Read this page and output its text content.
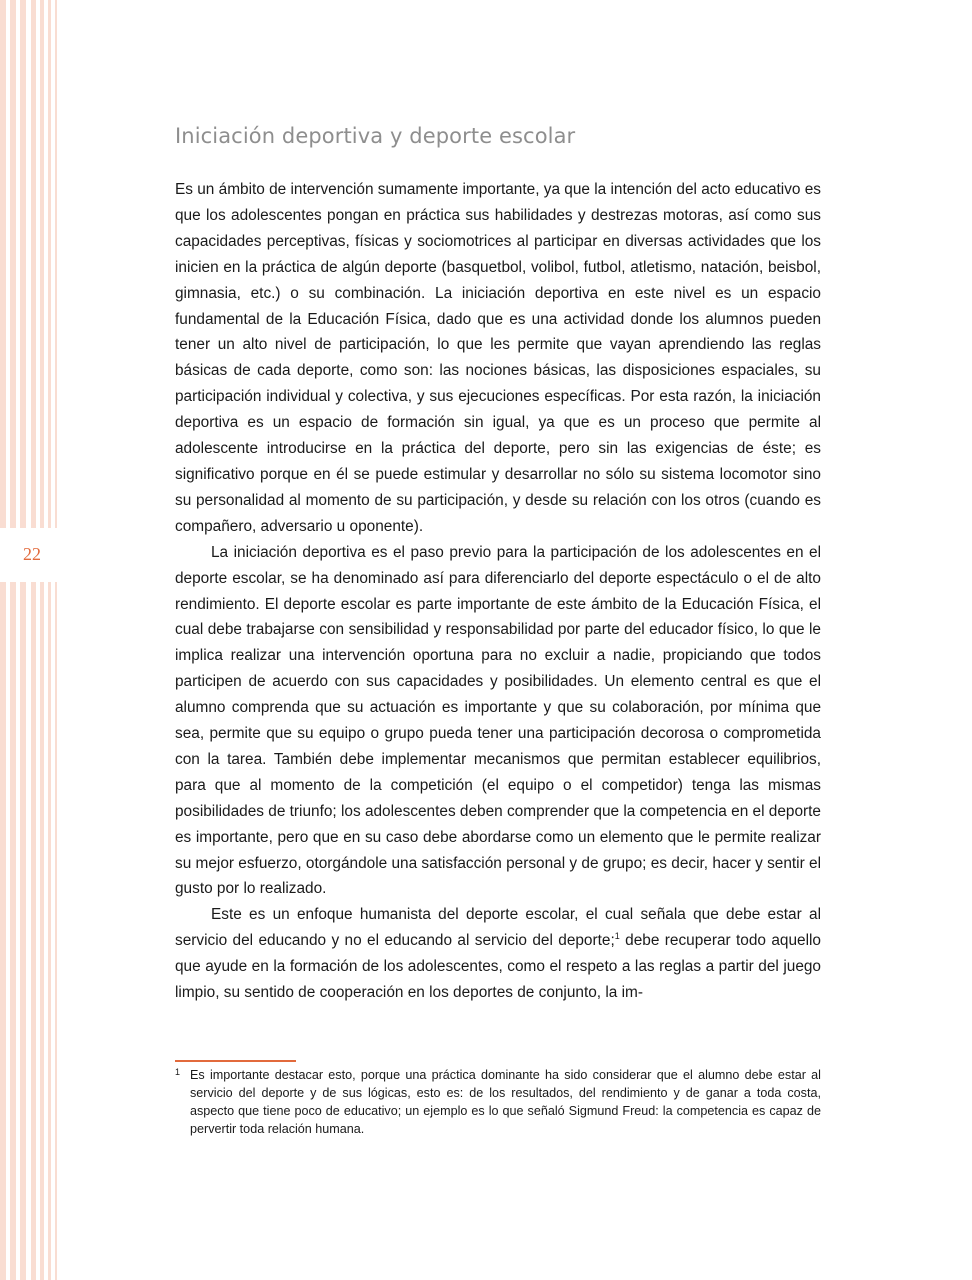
22
Iniciación deportiva y deporte escolar

Es un ámbito de intervención sumamente importante, ya que la intención del acto educativo es que los adolescentes pongan en práctica sus habilidades y destrezas motoras, así como sus capacidades perceptivas, físicas y sociomotrices al participar en diversas actividades que los inicien en la práctica de algún deporte (basquetbol, volibol, futbol, atletismo, natación, beisbol, gimnasia, etc.) o su combinación. La iniciación deportiva en este nivel es un espacio fundamental de la Educación Física, dado que es una actividad donde los alumnos pueden tener un alto nivel de participación, lo que les permite que vayan aprendiendo las reglas básicas de cada deporte, como son: las nociones básicas, las disposiciones espaciales, su participación individual y colectiva, y sus ejecuciones específicas. Por esta razón, la iniciación deportiva es un espacio de formación sin igual, ya que es un proceso que permite al adolescente introducirse en la práctica del deporte, pero sin las exigencias de éste; es significativo porque en él se puede estimular y desarrollar no sólo su sistema locomotor sino su personalidad al momento de su participación, y desde su relación con los otros (cuando es compañero, adversario u oponente).

La iniciación deportiva es el paso previo para la participación de los adolescentes en el deporte escolar, se ha denominado así para diferenciarlo del deporte espectáculo o el de alto rendimiento. El deporte escolar es parte importante de este ámbito de la Educación Física, el cual debe trabajarse con sensibilidad y responsabilidad por parte del educador físico, lo que le implica realizar una intervención oportuna para no excluir a nadie, propiciando que todos participen de acuerdo con sus capacidades y posibilidades. Un elemento central es que el alumno comprenda que su actuación es importante y que su colaboración, por mínima que sea, permite que su equipo o grupo pueda tener una participación decorosa o comprometida con la tarea. También debe implementar mecanismos que permitan establecer equilibrios, para que al momento de la competición (el equipo o el competidor) tenga las mismas posibilidades de triunfo; los adolescentes deben comprender que la competencia en el deporte es importante, pero que en su caso debe abordarse como un elemento que le permite realizar su mejor esfuerzo, otorgándole una satisfacción personal y de grupo; es decir, hacer y sentir el gusto por lo realizado.

Este es un enfoque humanista del deporte escolar, el cual señala que debe estar al servicio del educando y no el educando al servicio del deporte;$^1$ debe recuperar todo aquello que ayude en la formación de los adolescentes, como el respeto a las reglas a partir del juego limpio, su sentido de cooperación en los deportes de conjunto, la im-

1 Es importante destacar esto, porque una práctica dominante ha sido considerar que el alumno debe estar al servicio del deporte y de sus lógicas, esto es: de los resultados, del rendimiento y de ganar a toda costa, aspecto que tiene poco de educativo; un ejemplo es lo que señaló Sigmund Freud: la competencia es capaz de pervertir toda relación humana.
